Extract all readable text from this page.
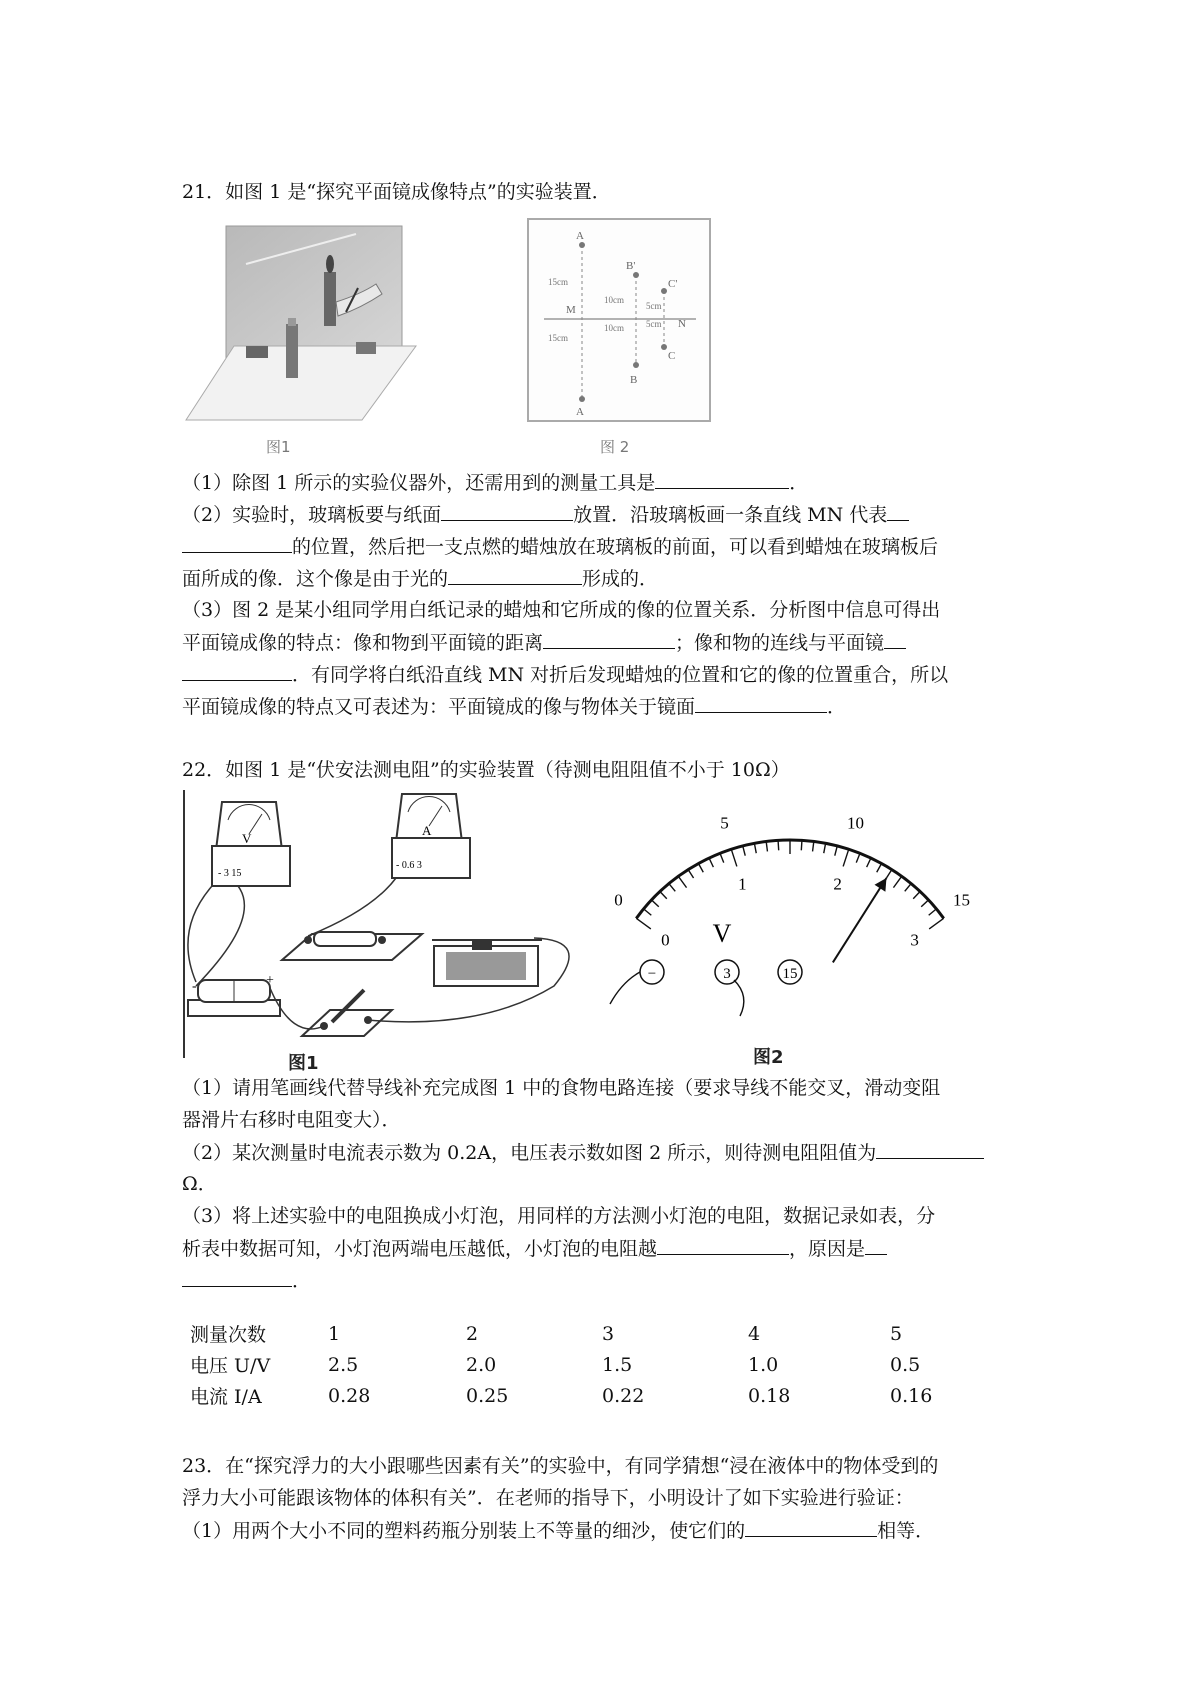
21．如图 1 是“探究平面镜成像特点”的实验装置．
图1
A
A
B'
B
C'
C
M
N
15cm
15cm
10cm
10cm
5cm
5cm
图 2
（1）除图 1 所示的实验仪器外，还需用到的测量工具是	．
（2）实验时，玻璃板要与纸面	放置．沿玻璃板画一条直线 MN 代表
的位置，然后把一支点燃的蜡烛放在玻璃板的前面，可以看到蜡烛在玻璃板后
面所成的像．这个像是由于光的	形成的．
（3）图 2 是某小组同学用白纸记录的蜡烛和它所成的像的位置关系．分析图中信息可得出
平面镜成像的特点：像和物到平面镜的距离	；像和物的连线与平面镜
．有同学将白纸沿直线 MN 对折后发现蜡烛的位置和它的像的位置重合，所以
平面镜成像的特点又可表述为：平面镜成的像与物体关于镜面	．
22．如图 1 是“伏安法测电阻”的实验装置（待测电阻阻值不小于 10Ω）
V
- 3 15
A
- 0.6 3
+
-
图1
0
5	10
15
0
1	2
3
V
−	3	15
图2
（1）请用笔画线代替导线补充完成图 1 中的食物电路连接（要求导线不能交叉，滑动变阻
器滑片右移时电阻变大）．
（2）某次测量时电流表示数为 0.2A，电压表示数如图 2 所示，则待测电阻阻值为
Ω．
（3）将上述实验中的电阻换成小灯泡，用同样的方法测小灯泡的电阻，数据记录如表，分
析表中数据可知，小灯泡两端电压越低，小灯泡的电阻越	，原因是
．
测量次数	1	2	3	4	5
电压 U/V	2.5	2.0	1.5	1.0	0.5
电流 I/A	0.28	0.25	0.22	0.18	0.16
23．在“探究浮力的大小跟哪些因素有关”的实验中，有同学猜想“浸在液体中的物体受到的
浮力大小可能跟该物体的体积有关”．在老师的指导下，小明设计了如下实验进行验证：
（1）用两个大小不同的塑料药瓶分别装上不等量的细沙，使它们的	相等．
